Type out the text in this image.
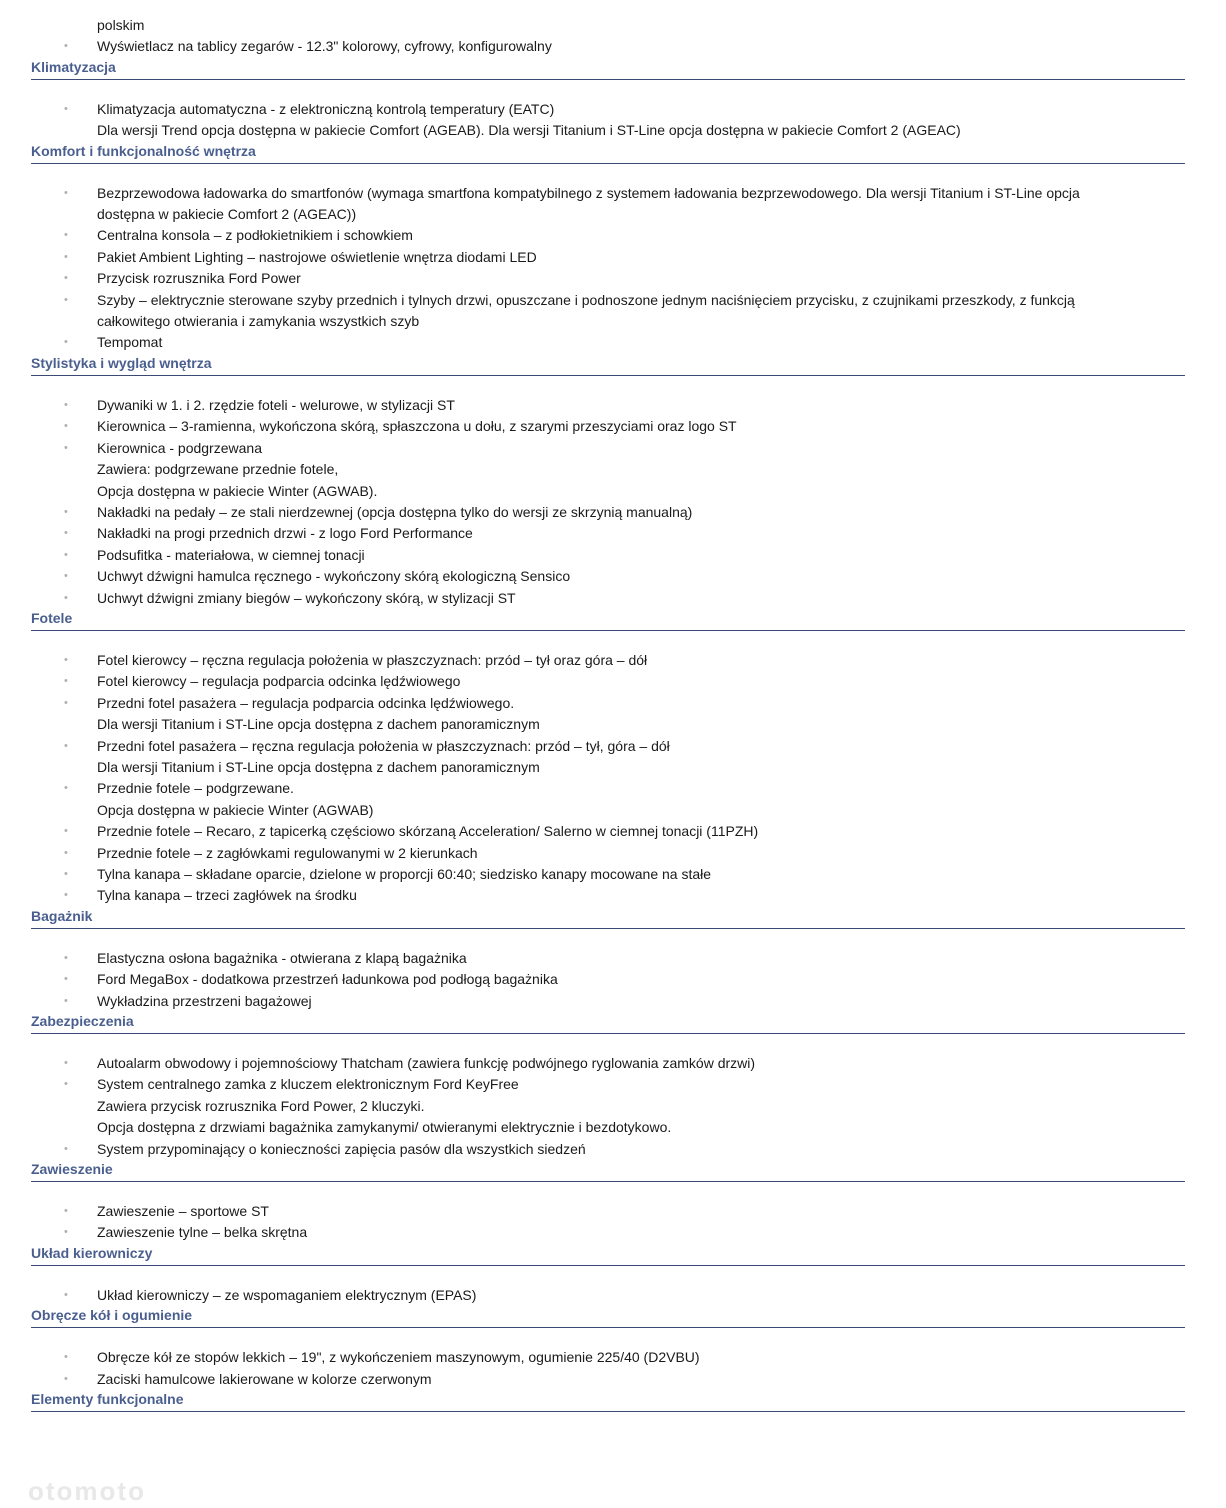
polskim
• Wyświetlacz na tablicy zegarów - 12.3" kolorowy, cyfrowy, konfigurowalny
Klimatyzacja
• Klimatyzacja automatyczna - z elektroniczną kontrolą temperatury (EATC)
Dla wersji Trend opcja dostępna w pakiecie Comfort (AGEAB). Dla wersji Titanium i ST-Line opcja dostępna w pakiecie Comfort 2 (AGEAC)
Komfort i funkcjonalność wnętrza
• Bezprzewodowa ładowarka do smartfonów (wymaga smartfona kompatybilnego z systemem ładowania bezprzewodowego. Dla wersji Titanium i ST-Line opcja
dostępna w pakiecie Comfort 2 (AGEAC))
• Centralna konsola – z podłokietnikiem i schowkiem
• Pakiet Ambient Lighting – nastrojowe oświetlenie wnętrza diodami LED
• Przycisk rozrusznika Ford Power
• Szyby – elektrycznie sterowane szyby przednich i tylnych drzwi, opuszczane i podnoszone jednym naciśnięciem przycisku, z czujnikami przeszkody, z funkcją
całkowitego otwierania i zamykania wszystkich szyb
• Tempomat
Stylistyka i wygląd wnętrza
• Dywaniki w 1. i 2. rzędzie foteli - welurowe, w stylizacji ST
• Kierownica – 3-ramienna, wykończona skórą, spłaszczona u dołu, z szarymi przeszyciami oraz logo ST
• Kierownica - podgrzewana
Zawiera: podgrzewane przednie fotele,
Opcja dostępna w pakiecie Winter (AGWAB).
• Nakładki na pedały – ze stali nierdzewnej (opcja dostępna tylko do wersji ze skrzynią manualną)
• Nakładki na progi przednich drzwi - z logo Ford Performance
• Podsufitka - materiałowa, w ciemnej tonacji
• Uchwyt dźwigni hamulca ręcznego - wykończony skórą ekologiczną Sensico
• Uchwyt dźwigni zmiany biegów – wykończony skórą, w stylizacji ST
Fotele
• Fotel kierowcy – ręczna regulacja położenia w płaszczyznach: przód – tył oraz góra – dół
• Fotel kierowcy – regulacja podparcia odcinka lędźwiowego
• Przedni fotel pasażera – regulacja podparcia odcinka lędźwiowego.
Dla wersji Titanium i ST-Line opcja dostępna z dachem panoramicznym
• Przedni fotel pasażera – ręczna regulacja położenia w płaszczyznach: przód – tył, góra – dół
Dla wersji Titanium i ST-Line opcja dostępna z dachem panoramicznym
• Przednie fotele – podgrzewane.
Opcja dostępna w pakiecie Winter (AGWAB)
• Przednie fotele – Recaro, z tapicerką częściowo skórzaną Acceleration/ Salerno w ciemnej tonacji (11PZH)
• Przednie fotele – z zagłówkami regulowanymi w 2 kierunkach
• Tylna kanapa – składane oparcie, dzielone w proporcji 60:40; siedzisko kanapy mocowane na stałe
• Tylna kanapa – trzeci zagłówek na środku
Bagażnik
• Elastyczna osłona bagażnika - otwierana z klapą bagażnika
• Ford MegaBox - dodatkowa przestrzeń ładunkowa pod podłogą bagażnika
• Wykładzina przestrzeni bagażowej
Zabezpieczenia
• Autoalarm obwodowy i pojemnościowy Thatcham (zawiera funkcję podwójnego ryglowania zamków drzwi)
• System centralnego zamka z kluczem elektronicznym Ford KeyFree
Zawiera przycisk rozrusznika Ford Power, 2 kluczyki.
Opcja dostępna z drzwiami bagażnika zamykanymi/ otwieranymi elektrycznie i bezdotykowo.
• System przypominający o konieczności zapięcia pasów dla wszystkich siedzeń
Zawieszenie
• Zawieszenie – sportowe ST
• Zawieszenie tylne – belka skrętna
Układ kierowniczy
• Układ kierowniczy – ze wspomaganiem elektrycznym (EPAS)
Obręcze kół i ogumienie
• Obręcze kół ze stopów lekkich – 19", z wykończeniem maszynowym, ogumienie 225/40 (D2VBU)
• Zaciski hamulcowe lakierowane w kolorze czerwonym
Elementy funkcjonalne
otomoto
